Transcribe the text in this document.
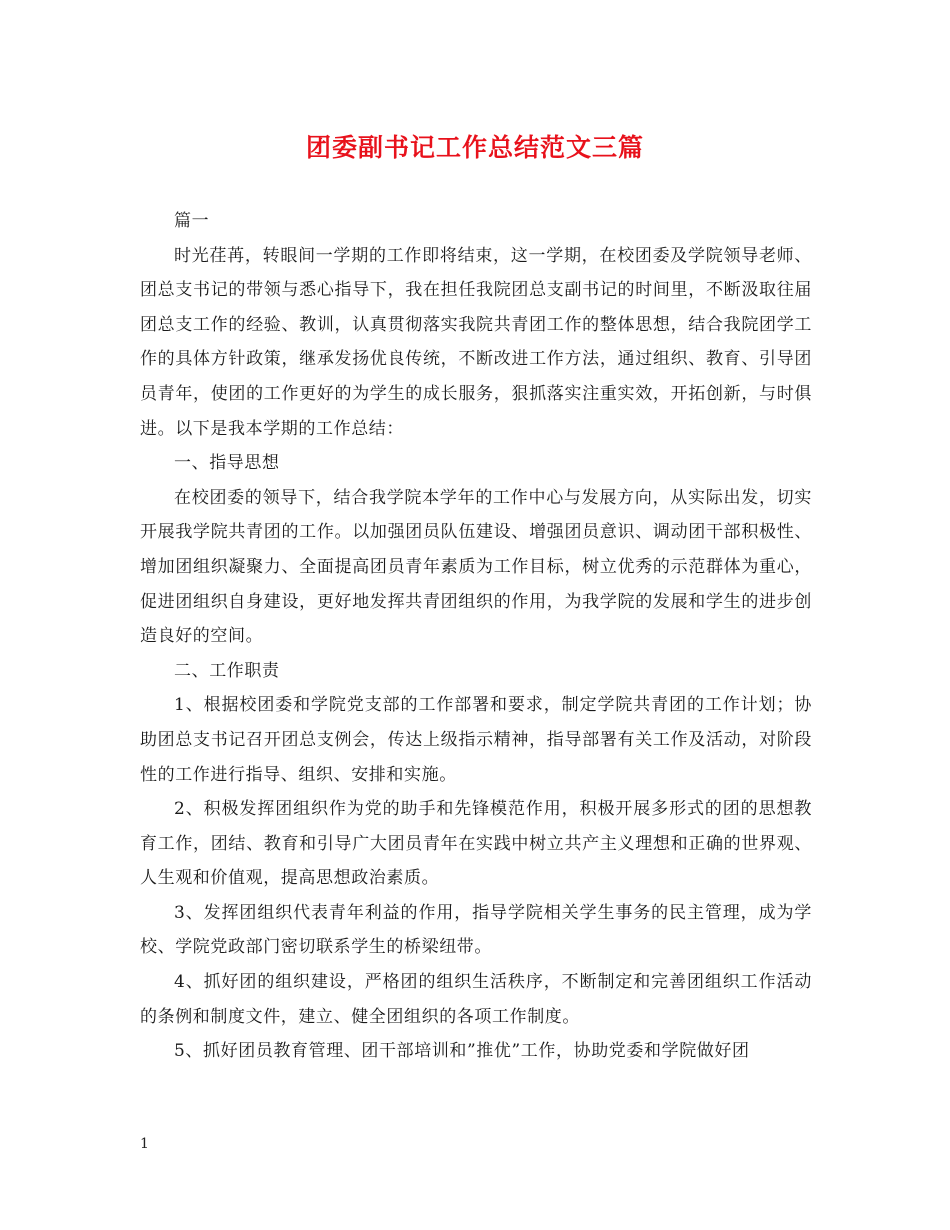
团委副书记工作总结范文三篇

篇一

时光荏苒，转眼间一学期的工作即将结束，这一学期，在校团委及学院领导老师、团总支书记的带领与悉心指导下，我在担任我院团总支副书记的时间里，不断汲取往届团总支工作的经验、教训，认真贯彻落实我院共青团工作的整体思想，结合我院团学工作的具体方针政策，继承发扬优良传统，不断改进工作方法，通过组织、教育、引导团员青年，使团的工作更好的为学生的成长服务，狠抓落实注重实效，开拓创新，与时俱进。以下是我本学期的工作总结：

一、指导思想

在校团委的领导下，结合我学院本学年的工作中心与发展方向，从实际出发，切实开展我学院共青团的工作。以加强团员队伍建设、增强团员意识、调动团干部积极性、增加团组织凝聚力、全面提高团员青年素质为工作目标，树立优秀的示范群体为重心，促进团组织自身建设，更好地发挥共青团组织的作用，为我学院的发展和学生的进步创造良好的空间。

二、工作职责

1、根据校团委和学院党支部的工作部署和要求，制定学院共青团的工作计划；协助团总支书记召开团总支例会，传达上级指示精神，指导部署有关工作及活动，对阶段性的工作进行指导、组织、安排和实施。

2、积极发挥团组织作为党的助手和先锋模范作用，积极开展多形式的团的思想教育工作，团结、教育和引导广大团员青年在实践中树立共产主义理想和正确的世界观、人生观和价值观，提高思想政治素质。

3、发挥团组织代表青年利益的作用，指导学院相关学生事务的民主管理，成为学校、学院党政部门密切联系学生的桥梁纽带。

4、抓好团的组织建设，严格团的组织生活秩序，不断制定和完善团组织工作活动的条例和制度文件，建立、健全团组织的各项工作制度。

5、抓好团员教育管理、团干部培训和”推优”工作，协助党委和学院做好团

1
